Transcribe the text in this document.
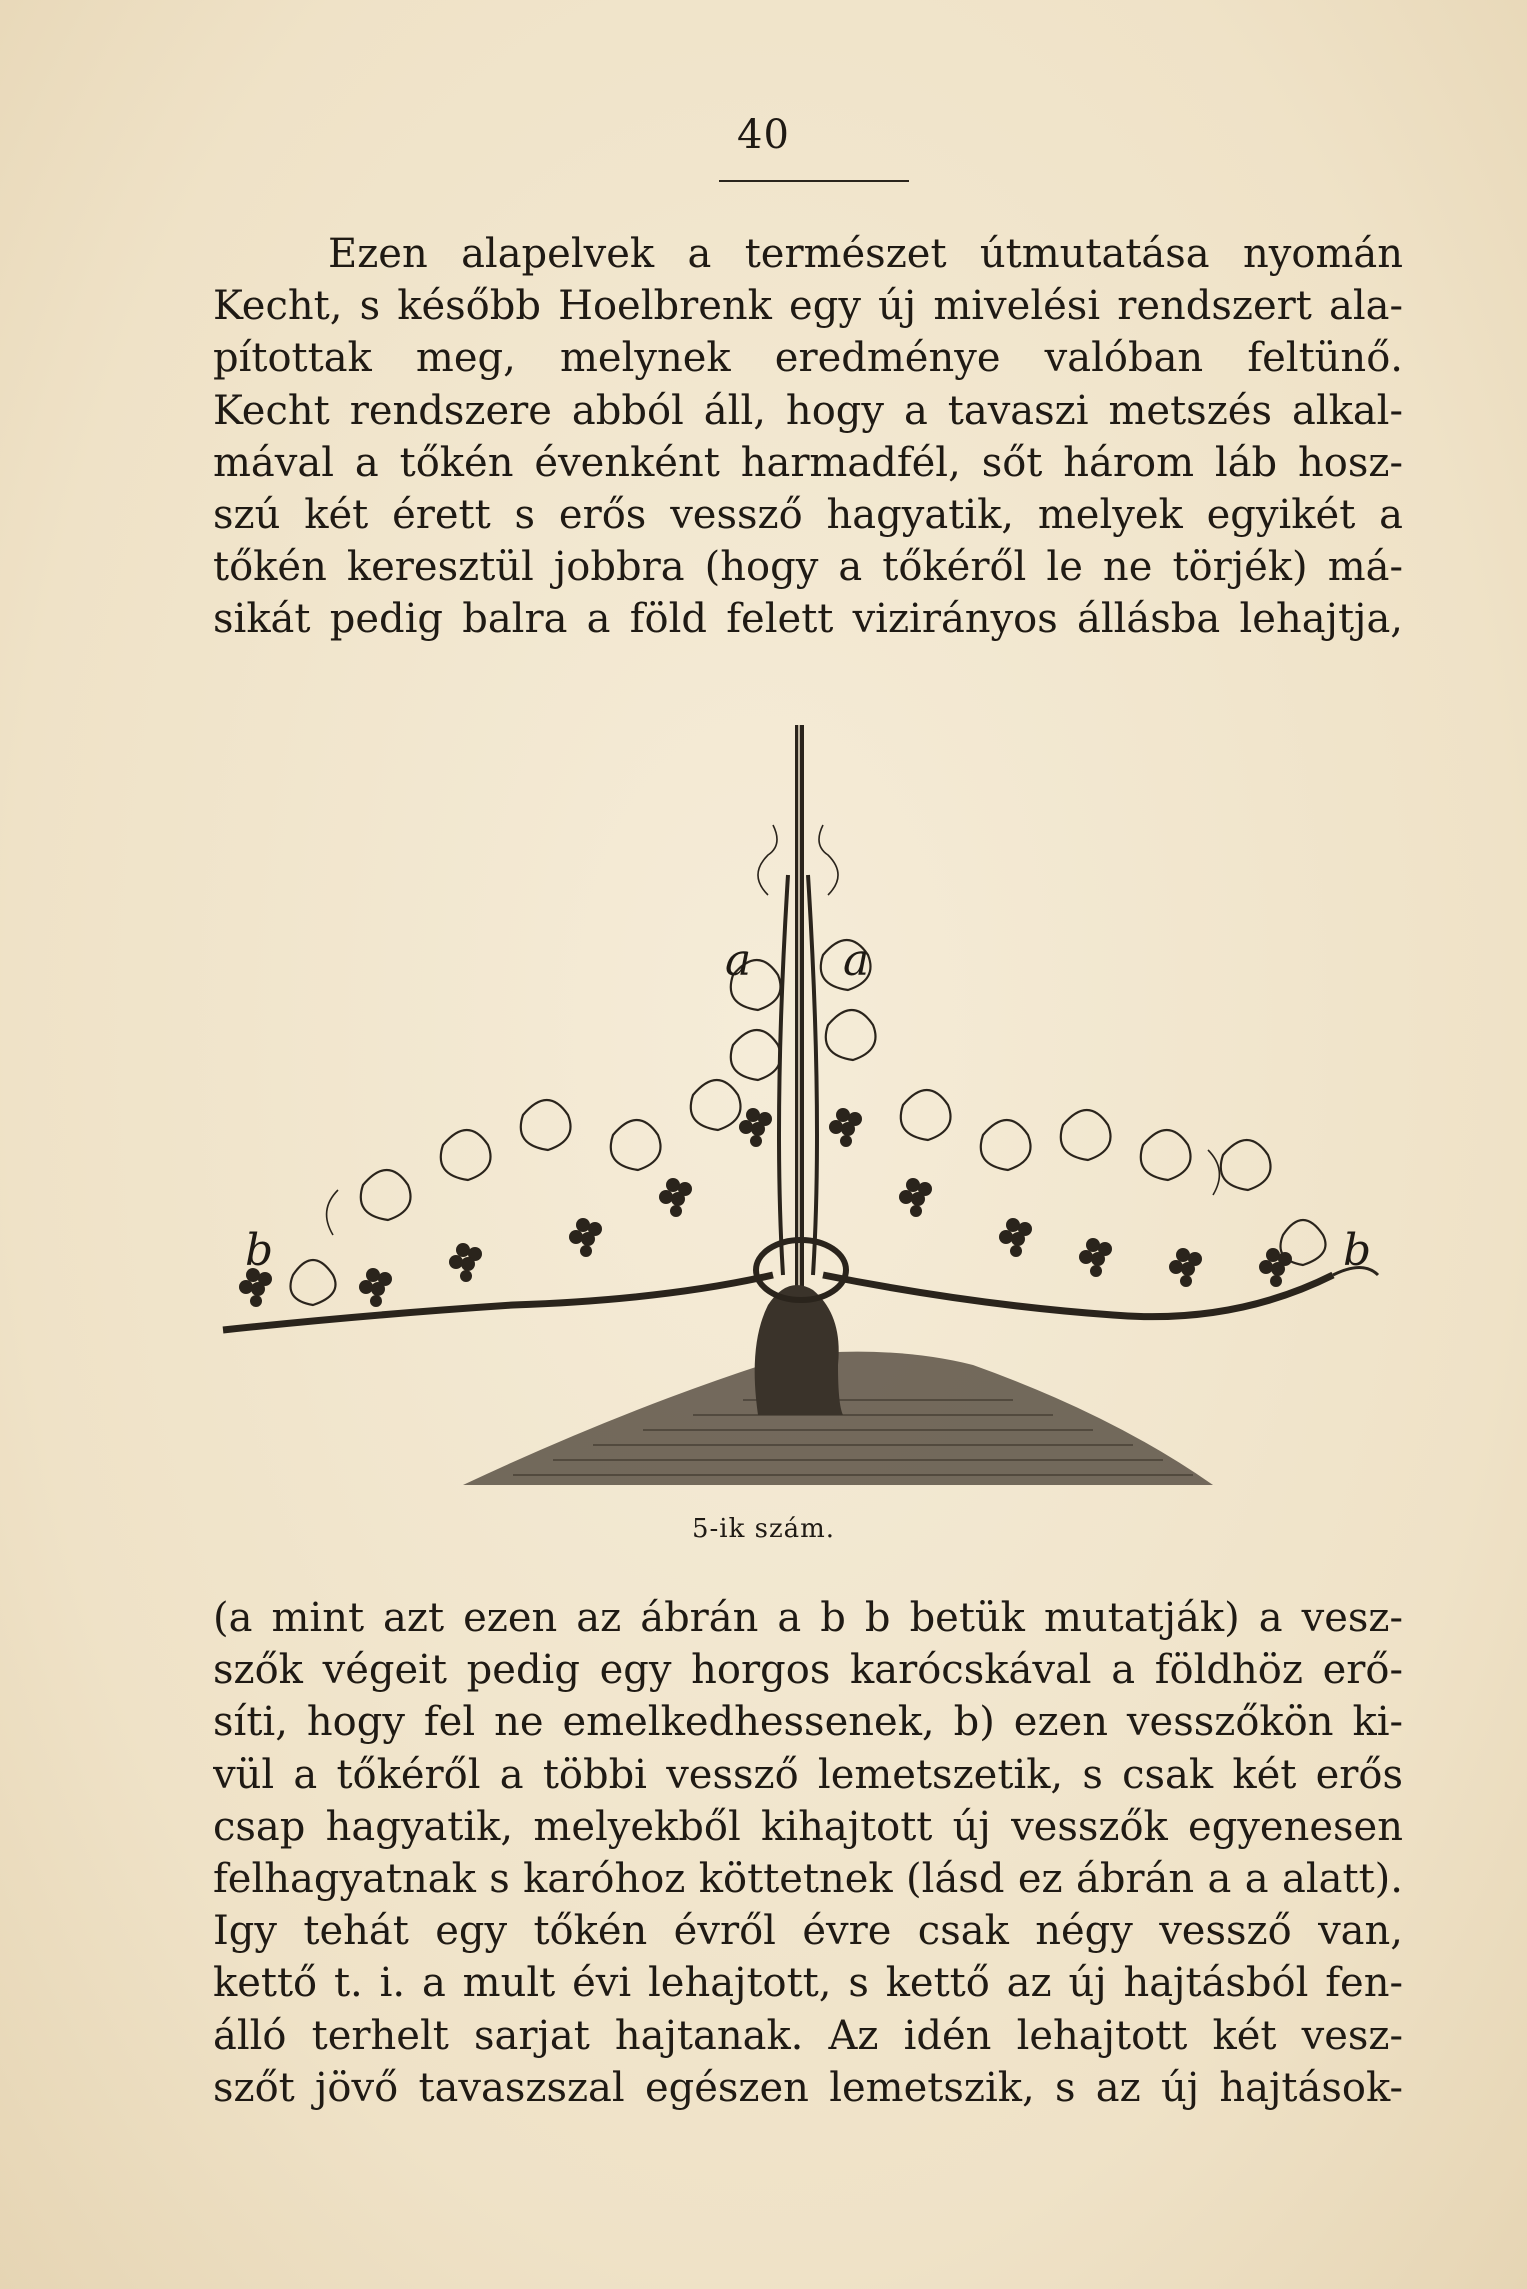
40
Ezen alapelvek a természet útmutatása nyomán
Kecht, s később Hoelbrenk egy új mivelési rendszert ala-
pítottak meg, melynek eredménye valóban feltünő.
Kecht rendszere abból áll, hogy a tavaszi metszés alkal-
mával a tőkén évenként harmadfél, sőt három láb hosz-
szú két érett s erős vessző hagyatik, melyek egyikét a
tőkén keresztül jobbra (hogy a tőkéről le ne törjék) má-
sikát pedig balra a föld felett vizirányos állásba lehajtja,
a a
b	b
5-ik szám.
(a mint azt ezen az ábrán a b b betük mutatják) a vesz-
szők végeit pedig egy horgos karócskával a földhöz erő-
síti, hogy fel ne emelkedhessenek, b) ezen vesszőkön ki-
vül a tőkéről a többi vessző lemetszetik, s csak két erős
csap hagyatik, melyekből kihajtott új vesszők egyenesen
felhagyatnak s karóhoz köttetnek (lásd ez ábrán a a alatt).
Igy tehát egy tőkén évről évre csak négy vessző van,
kettő t. i. a mult évi lehajtott, s kettő az új hajtásból fen-
álló terhelt sarjat hajtanak. Az idén lehajtott két vesz-
szőt jövő tavaszszal egészen lemetszik, s az új hajtások-
